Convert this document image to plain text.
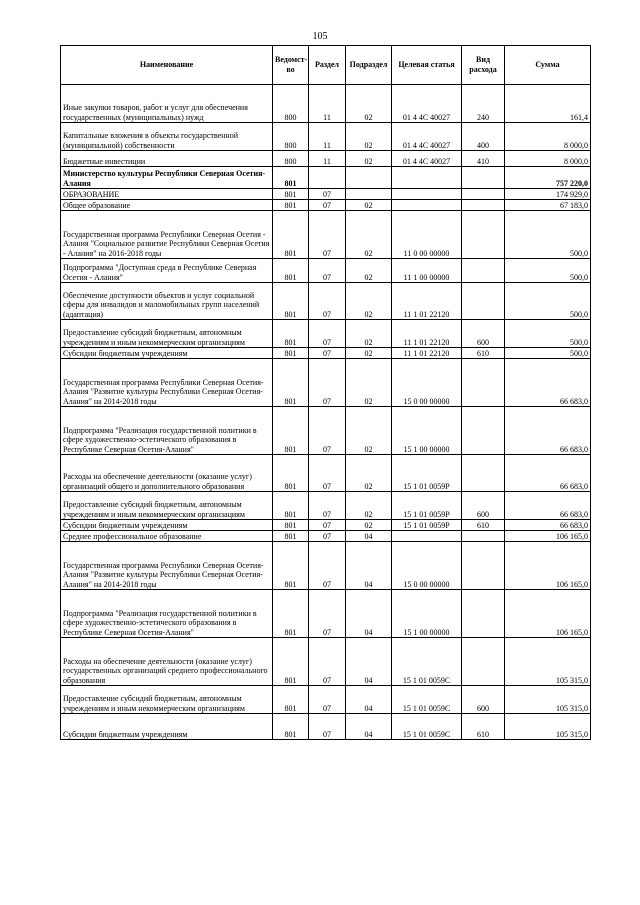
105
Наименование	Ведомст-во	Раздел	Подраздел	Целевая статья	Вид расхода	Сумма
Иные закупки товаров, работ и услуг для обеспечения государственных (муниципальных) нужд	800	11	02	01 4 4С 40027	240	161,4
Капитальные вложения в объекты государственной (муниципальной) собственности	800	11	02	01 4 4С 40027	400	8 000,0
Бюджетные инвестиции	800	11	02	01 4 4С 40027	410	8 000,0
Министерство культуры Республики Северная Осетия-Алания	801					757 220,0
ОБРАЗОВАНИЕ	801	07				174 929,0
Общее образование	801	07	02			67 183,0
Государственная программа Республики Северная Осетия - Алания "Социальное развитие Республики Северная Осетия - Алания" на 2016-2018 годы	801	07	02	11 0 00 00000		500,0
Подпрограмма "Доступная среда в Республике Северная Осетия - Алания"	801	07	02	11 1 00 00000		500,0
Обеспечение доступности объектов и услуг социальной сферы для инвалидов и маломобильных групп населений (адаптация)	801	07	02	11 1 01 22120		500,0
Предоставление субсидий бюджетным, автономным учреждениям и иным некоммерческим организациям	801	07	02	11 1 01 22120	600	500,0
Субсидии бюджетным учреждениям	801	07	02	11 1 01 22120	610	500,0
Государственная программа Республики Северная Осетия-Алания "Развитие культуры Республики Северная Осетия-Алания" на 2014-2018 годы	801	07	02	15 0 00 00000		66 683,0
Подпрограмма "Реализация государственной политики в сфере художественно-эстетического образования в Республике Северная Осетия-Алания"	801	07	02	15 1 00 00000		66 683,0
Расходы на обеспечение деятельности (оказание услуг) организаций общего и дополнительного образования	801	07	02	15 1 01 0059Р		66 683,0
Предоставление субсидий бюджетным, автономным учреждениям и иным некоммерческим организациям	801	07	02	15 1 01 0059Р	600	66 683,0
Субсидии бюджетным учреждениям	801	07	02	15 1 01 0059Р	610	66 683,0
Среднее профессиональное образование	801	07	04			106 165,0
Государственная программа Республики Северная Осетия-Алания "Развитие культуры Республики Северная Осетия-Алания" на 2014-2018 годы	801	07	04	15 0 00 00000		106 165,0
Подпрограмма "Реализация государственной политики в сфере художественно-эстетического образования в Республике Северная Осетия-Алания"	801	07	04	15 1 00 00000		106 165,0
Расходы на обеспечение деятельности (оказание услуг) государственных организаций среднего профессионального образования	801	07	04	15 1 01 0059С		105 315,0
Предоставление субсидий бюджетным, автономным учреждениям и иным некоммерческим организациям	801	07	04	15 1 01 0059С	600	105 315,0
Субсидии бюджетным учреждениям	801	07	04	15 1 01 0059С	610	105 315,0
